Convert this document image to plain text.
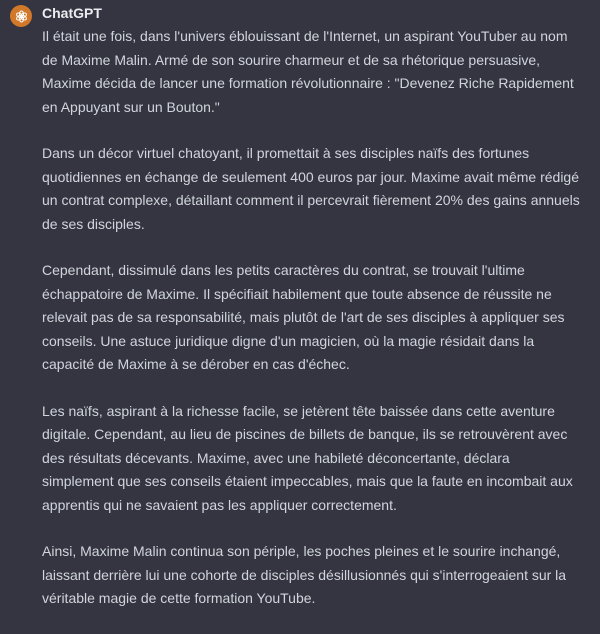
ChatGPT

Il était une fois, dans l'univers éblouissant de l'Internet, un aspirant YouTuber au nom de Maxime Malin. Armé de son sourire charmeur et de sa rhétorique persuasive, Maxime décida de lancer une formation révolutionnaire : "Devenez Riche Rapidement en Appuyant sur un Bouton."

Dans un décor virtuel chatoyant, il promettait à ses disciples naïfs des fortunes quotidiennes en échange de seulement 400 euros par jour. Maxime avait même rédigé un contrat complexe, détaillant comment il percevrait fièrement 20% des gains annuels de ses disciples.

Cependant, dissimulé dans les petits caractères du contrat, se trouvait l'ultime échappatoire de Maxime. Il spécifiait habilement que toute absence de réussite ne relevait pas de sa responsabilité, mais plutôt de l'art de ses disciples à appliquer ses conseils. Une astuce juridique digne d'un magicien, où la magie résidait dans la capacité de Maxime à se dérober en cas d'échec.

Les naïfs, aspirant à la richesse facile, se jetèrent tête baissée dans cette aventure digitale. Cependant, au lieu de piscines de billets de banque, ils se retrouvèrent avec des résultats décevants. Maxime, avec une habileté déconcertante, déclara simplement que ses conseils étaient impeccables, mais que la faute en incombait aux apprentis qui ne savaient pas les appliquer correctement.

Ainsi, Maxime Malin continua son périple, les poches pleines et le sourire inchangé, laissant derrière lui une cohorte de disciples désillusionnés qui s'interrogeaient sur la véritable magie de cette formation YouTube.
